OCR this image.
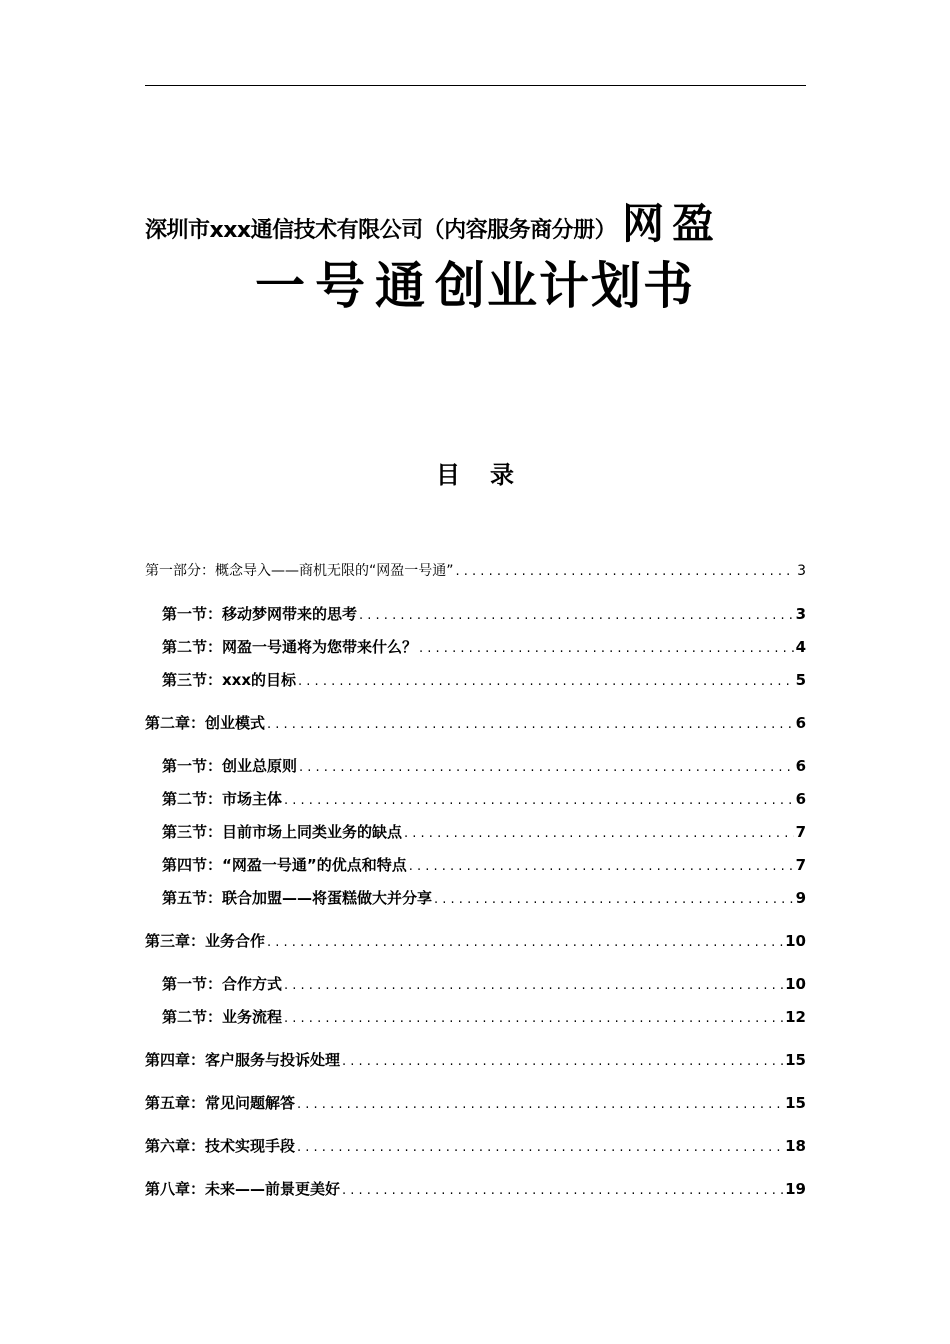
深圳市xxx通信技术有限公司（内容服务商分册） 网盈
一号通创业计划书
目录
第一部分：概念导入——商机无限的“网盈一号通” . . .	3
第一节：移动梦网带来的思考 . . .	3
第二节：网盈一号通将为您带来什么？ . . .	4
第三节：xxx的目标 . . .	5
第二章：创业模式 . . .	6
第一节：创业总原则 . . .	6
第二节：市场主体 . . .	6
第三节：目前市场上同类业务的缺点 . . .	7
第四节：“网盈一号通”的优点和特点 . . .	7
第五节：联合加盟——将蛋糕做大并分享 . . .	9
第三章：业务合作 . . .	10
第一节：合作方式 . . .	10
第二节：业务流程 . . .	12
第四章：客户服务与投诉处理 . . .	15
第五章：常见问题解答 . . .	15
第六章：技术实现手段 . . .	18
第八章：未来——前景更美好 . . .	19
